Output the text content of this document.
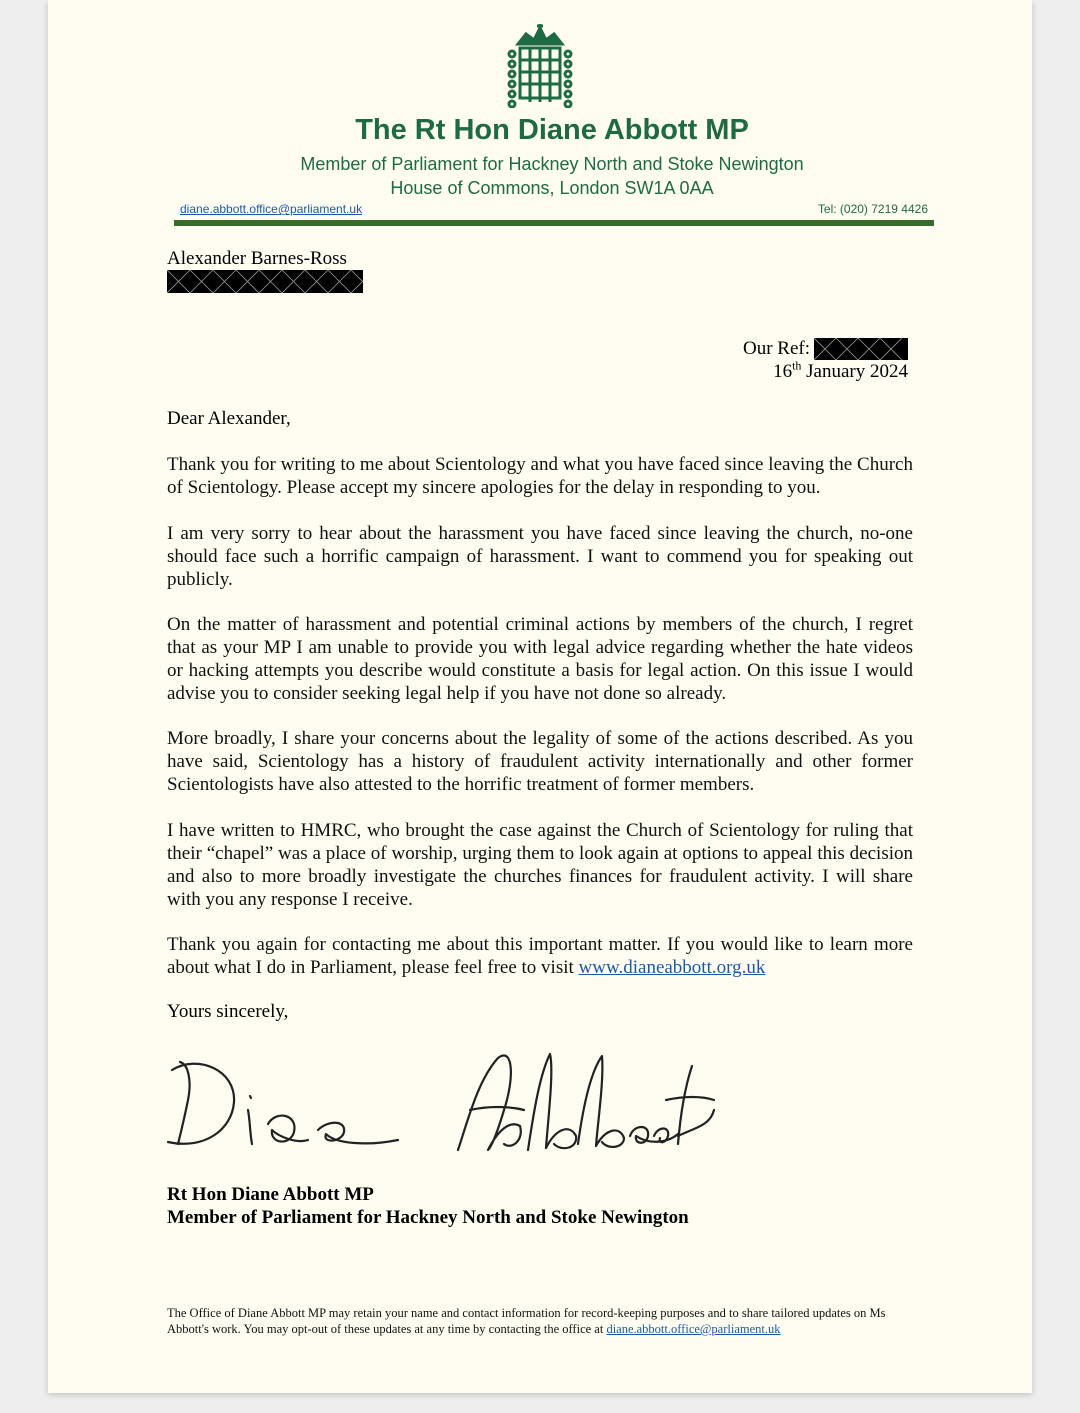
The Rt Hon Diane Abbott MP
Member of Parliament for Hackney North and Stoke Newington
House of Commons, London SW1A 0AA
diane.abbott.office@parliament.uk	Tel: (020) 7219 4426
Alexander Barnes-Ross
Our Ref:
16th January 2024
Dear Alexander,
Thank you for writing to me about Scientology and what you have faced since leaving the Church of Scientology. Please accept my sincere apologies for the delay in responding to you.
I am very sorry to hear about the harassment you have faced since leaving the church, no-one should face such a horrific campaign of harassment. I want to commend you for speaking out publicly.
On the matter of harassment and potential criminal actions by members of the church, I regret that as your MP I am unable to provide you with legal advice regarding whether the hate videos or hacking attempts you describe would constitute a basis for legal action. On this issue I would advise you to consider seeking legal help if you have not done so already.
More broadly, I share your concerns about the legality of some of the actions described. As you have said, Scientology has a history of fraudulent activity internationally and other former Scientologists have also attested to the horrific treatment of former members.
I have written to HMRC, who brought the case against the Church of Scientology for ruling that their “chapel” was a place of worship, urging them to look again at options to appeal this decision and also to more broadly investigate the churches finances for fraudulent activity. I will share with you any response I receive.
Thank you again for contacting me about this important matter. If you would like to learn more about what I do in Parliament, please feel free to visit www.dianeabbott.org.uk
Yours sincerely,
Rt Hon Diane Abbott MP
Member of Parliament for Hackney North and Stoke Newington
The Office of Diane Abbott MP may retain your name and contact information for record-keeping purposes and to share tailored updates on Ms Abbott's work. You may opt-out of these updates at any time by contacting the office at diane.abbott.office@parliament.uk
